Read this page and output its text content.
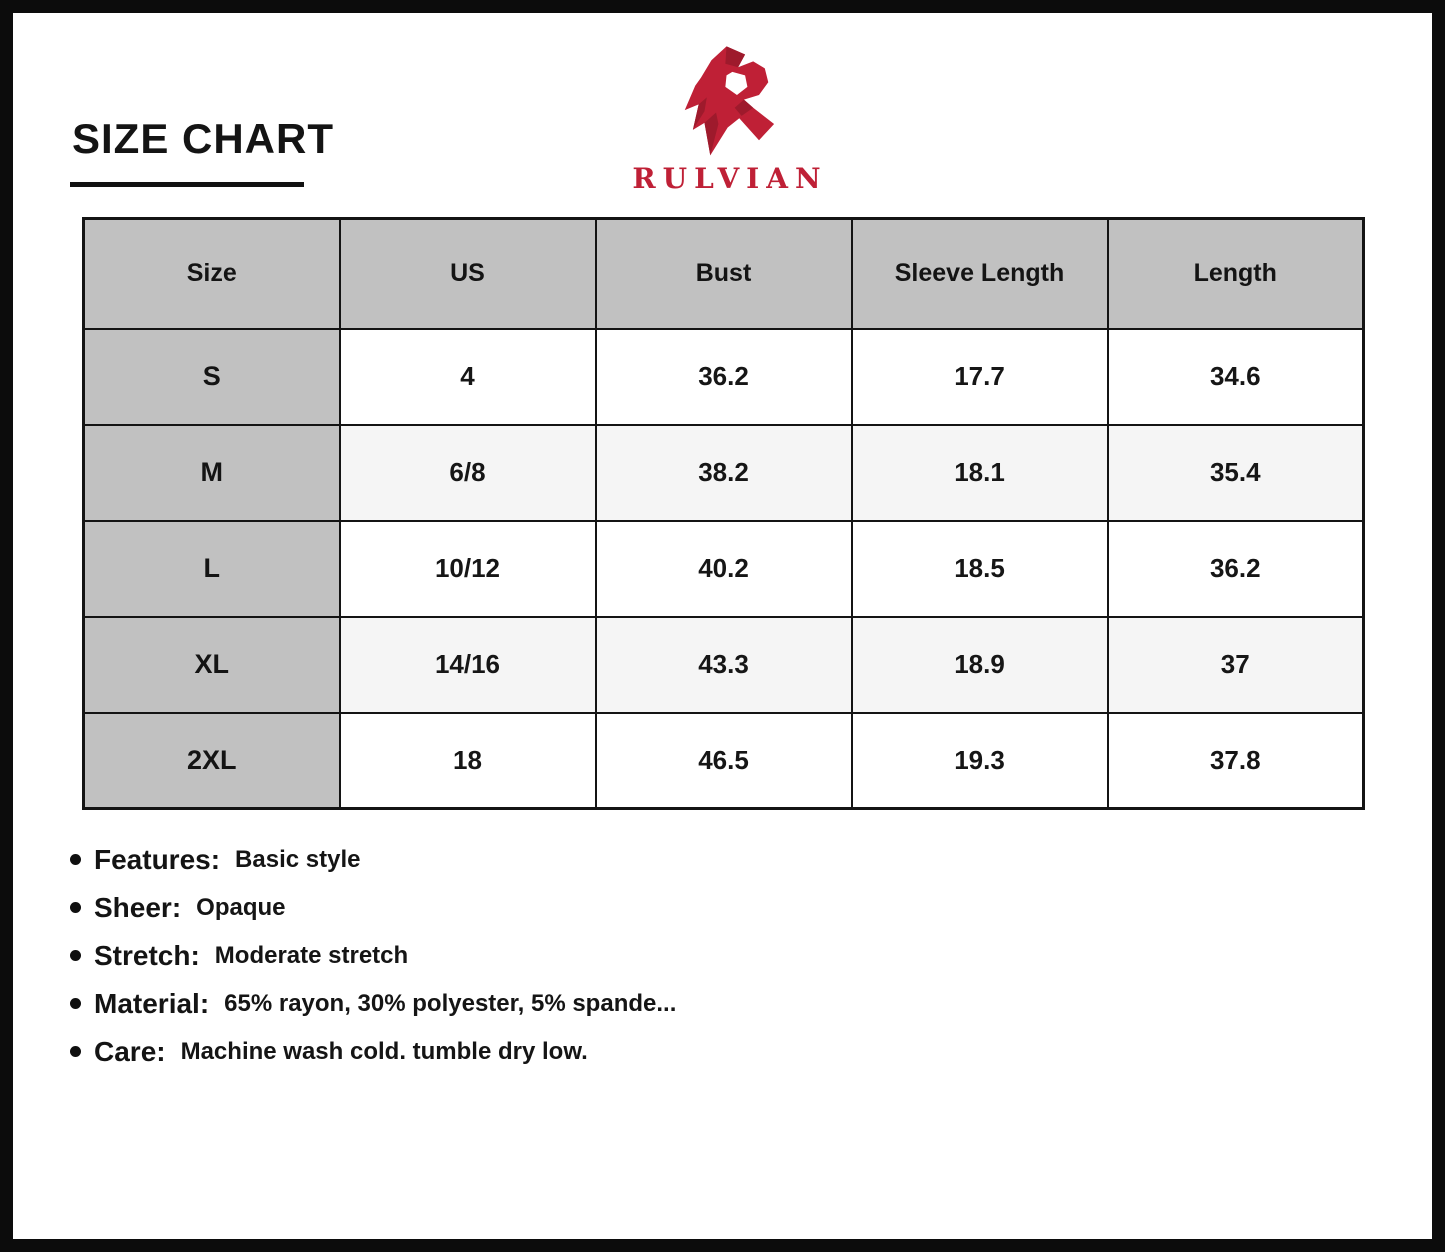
SIZE CHART
RULVIAN
Size	US	Bust	Sleeve Length	Length
S	4	36.2	17.7	34.6
M	6/8	38.2	18.1	35.4
L	10/12	40.2	18.5	36.2
XL	14/16	43.3	18.9	37
2XL	18	46.5	19.3	37.8
Features: Basic style
Sheer: Opaque
Stretch: Moderate stretch
Material: 65% rayon, 30% polyester, 5% spande...
Care: Machine wash cold. tumble dry low.
